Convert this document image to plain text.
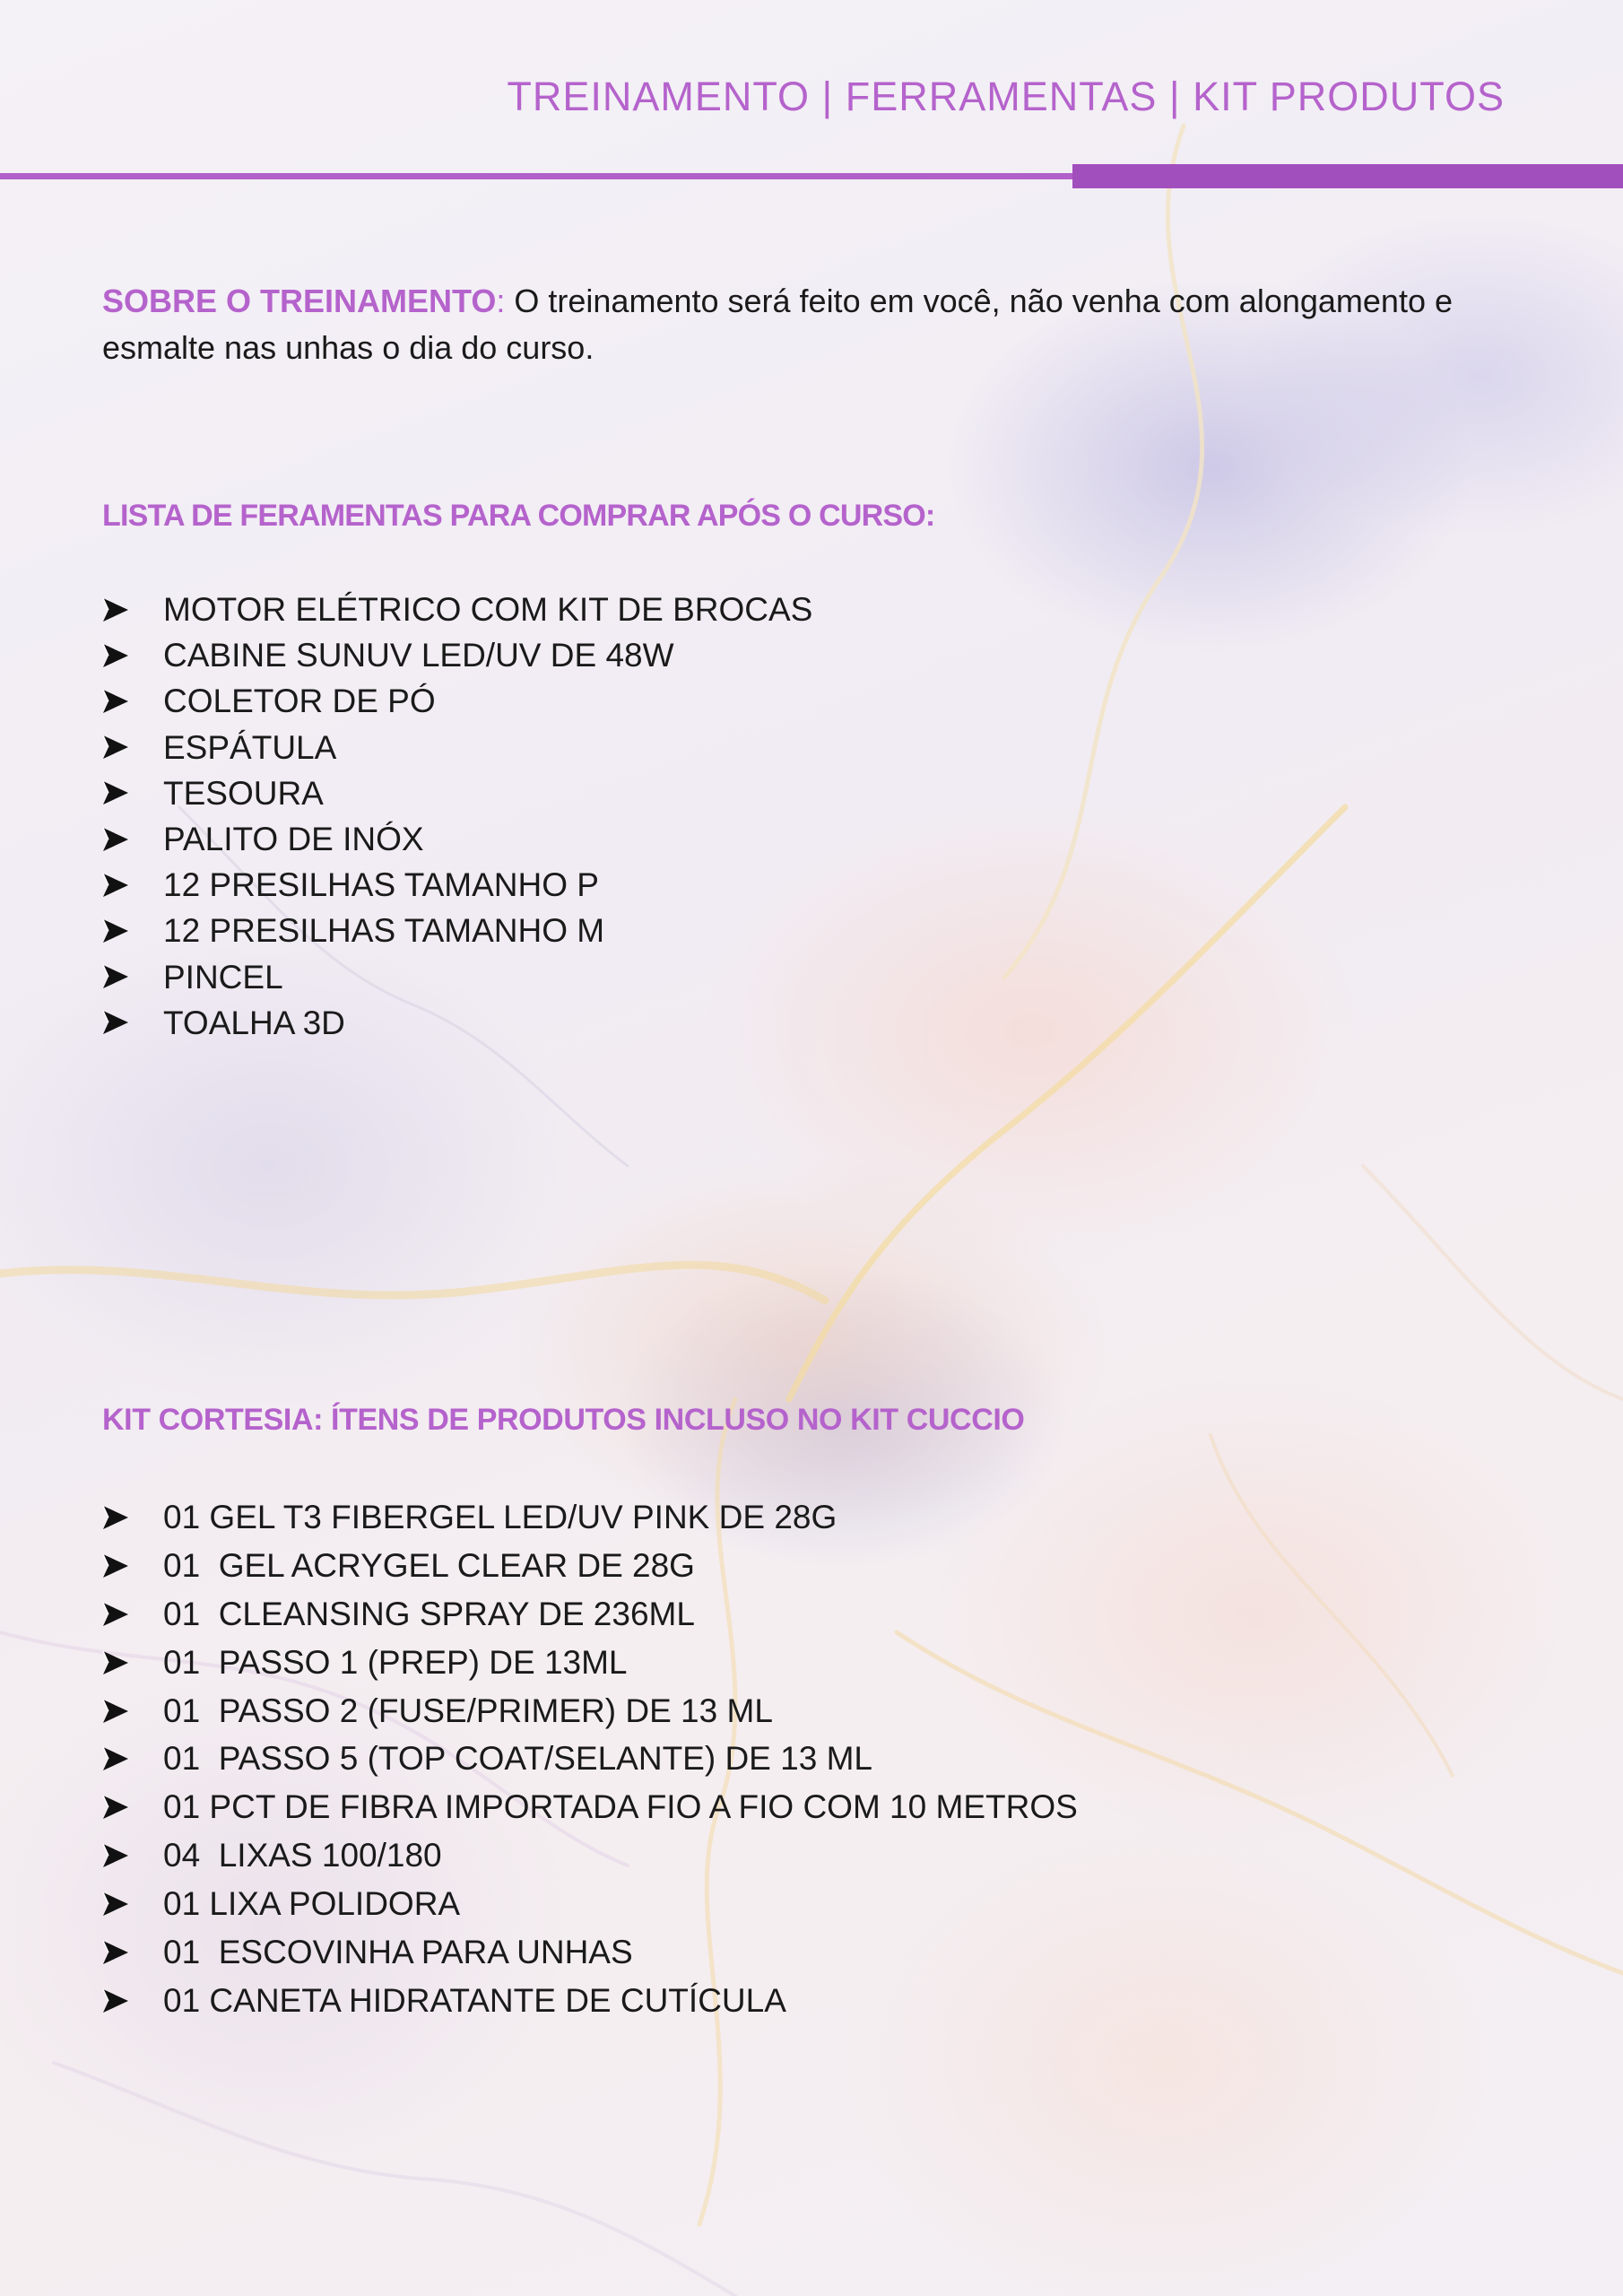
TREINAMENTO | FERRAMENTAS | KIT PRODUTOS
SOBRE O TREINAMENTO: O treinamento será feito em você, não venha com alongamento e esmalte nas unhas o dia do curso.
LISTA DE FERAMENTAS PARA COMPRAR APÓS O CURSO:
MOTOR ELÉTRICO COM KIT DE BROCAS
CABINE SUNUV LED/UV DE 48W
COLETOR DE PÓ
ESPÁTULA
TESOURA
PALITO DE INÓX
12 PRESILHAS TAMANHO P
12 PRESILHAS TAMANHO M
PINCEL
TOALHA 3D
KIT CORTESIA: ÍTENS DE PRODUTOS INCLUSO NO KIT CUCCIO
01 GEL T3 FIBERGEL LED/UV PINK DE 28G
01  GEL ACRYGEL CLEAR DE 28G
01  CLEANSING SPRAY DE 236ML
01  PASSO 1 (PREP) DE 13ML
01  PASSO 2 (FUSE/PRIMER) DE 13 ML
01  PASSO 5 (TOP COAT/SELANTE) DE 13 ML
01 PCT DE FIBRA IMPORTADA FIO A FIO COM 10 METROS
04  LIXAS 100/180
01 LIXA POLIDORA
01  ESCOVINHA PARA UNHAS
01 CANETA HIDRATANTE DE CUTÍCULA
